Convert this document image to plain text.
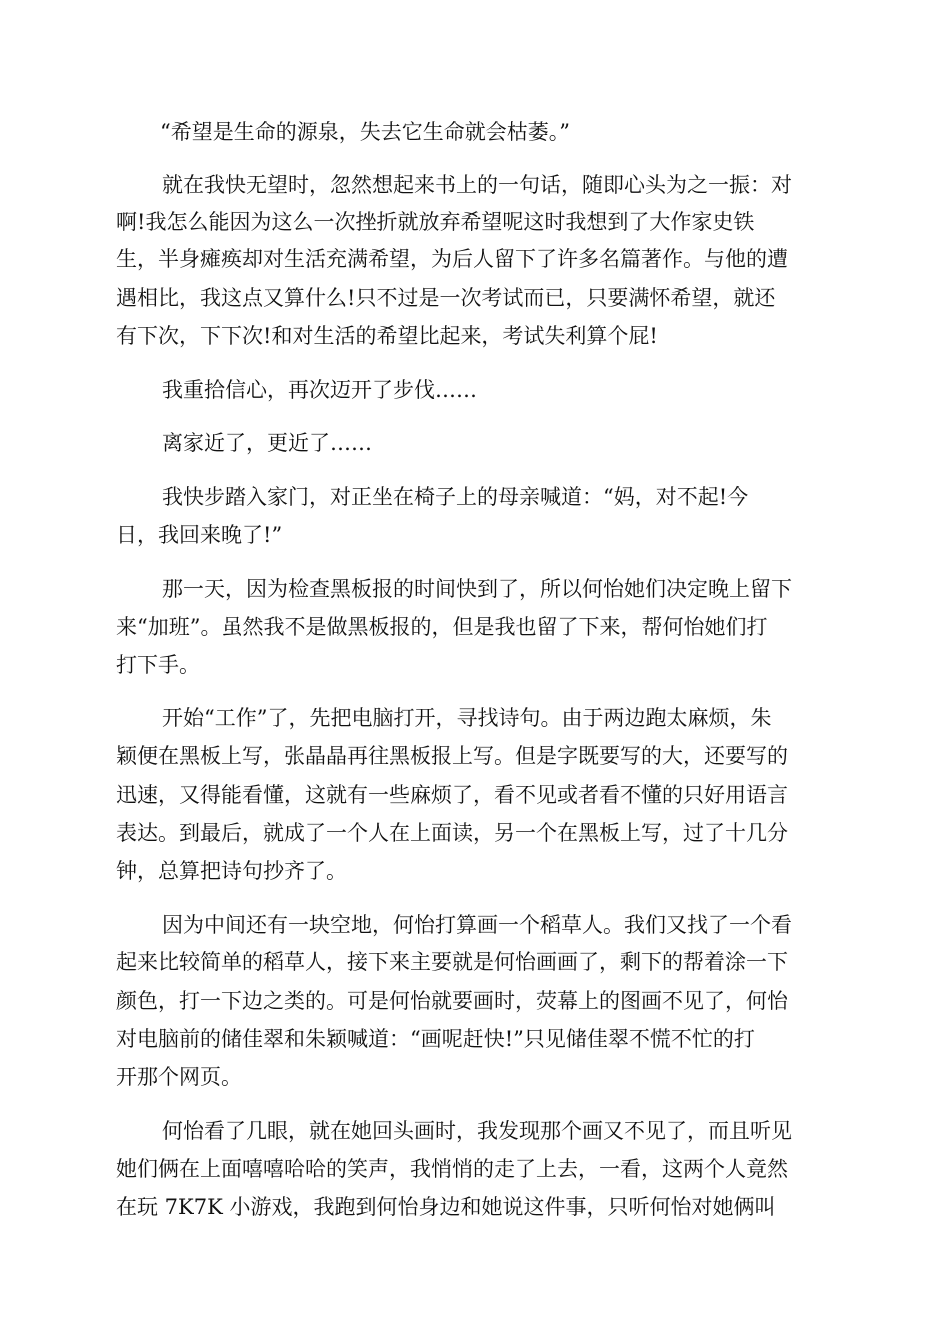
“希望是生命的源泉，失去它生命就会枯萎。”
就在我快无望时，忽然想起来书上的一句话，随即心头为之一振：对
啊!我怎么能因为这么一次挫折就放弃希望呢这时我想到了大作家史铁
生，半身瘫痪却对生活充满希望，为后人留下了许多名篇著作。与他的遭
遇相比，我这点又算什么!只不过是一次考试而已，只要满怀希望，就还
有下次，下下次!和对生活的希望比起来，考试失利算个屁!
我重拾信心，再次迈开了步伐……
离家近了，更近了……
我快步踏入家门，对正坐在椅子上的母亲喊道：“妈，对不起!今
日，我回来晚了!”
那一天，因为检查黑板报的时间快到了，所以何怡她们决定晚上留下
来“加班”。虽然我不是做黑板报的，但是我也留了下来，帮何怡她们打
打下手。
开始“工作”了，先把电脑打开，寻找诗句。由于两边跑太麻烦，朱
颖便在黑板上写，张晶晶再往黑板报上写。但是字既要写的大，还要写的
迅速，又得能看懂，这就有一些麻烦了，看不见或者看不懂的只好用语言
表达。到最后，就成了一个人在上面读，另一个在黑板上写，过了十几分
钟，总算把诗句抄齐了。
因为中间还有一块空地，何怡打算画一个稻草人。我们又找了一个看
起来比较简单的稻草人，接下来主要就是何怡画画了，剩下的帮着涂一下
颜色，打一下边之类的。可是何怡就要画时，荧幕上的图画不见了，何怡
对电脑前的储佳翠和朱颖喊道：“画呢赶快!”只见储佳翠不慌不忙的打
开那个网页。
何怡看了几眼，就在她回头画时，我发现那个画又不见了，而且听见
她们俩在上面嘻嘻哈哈的笑声，我悄悄的走了上去，一看，这两个人竟然
在玩 7K7K 小游戏，我跑到何怡身边和她说这件事，只听何怡对她俩叫
